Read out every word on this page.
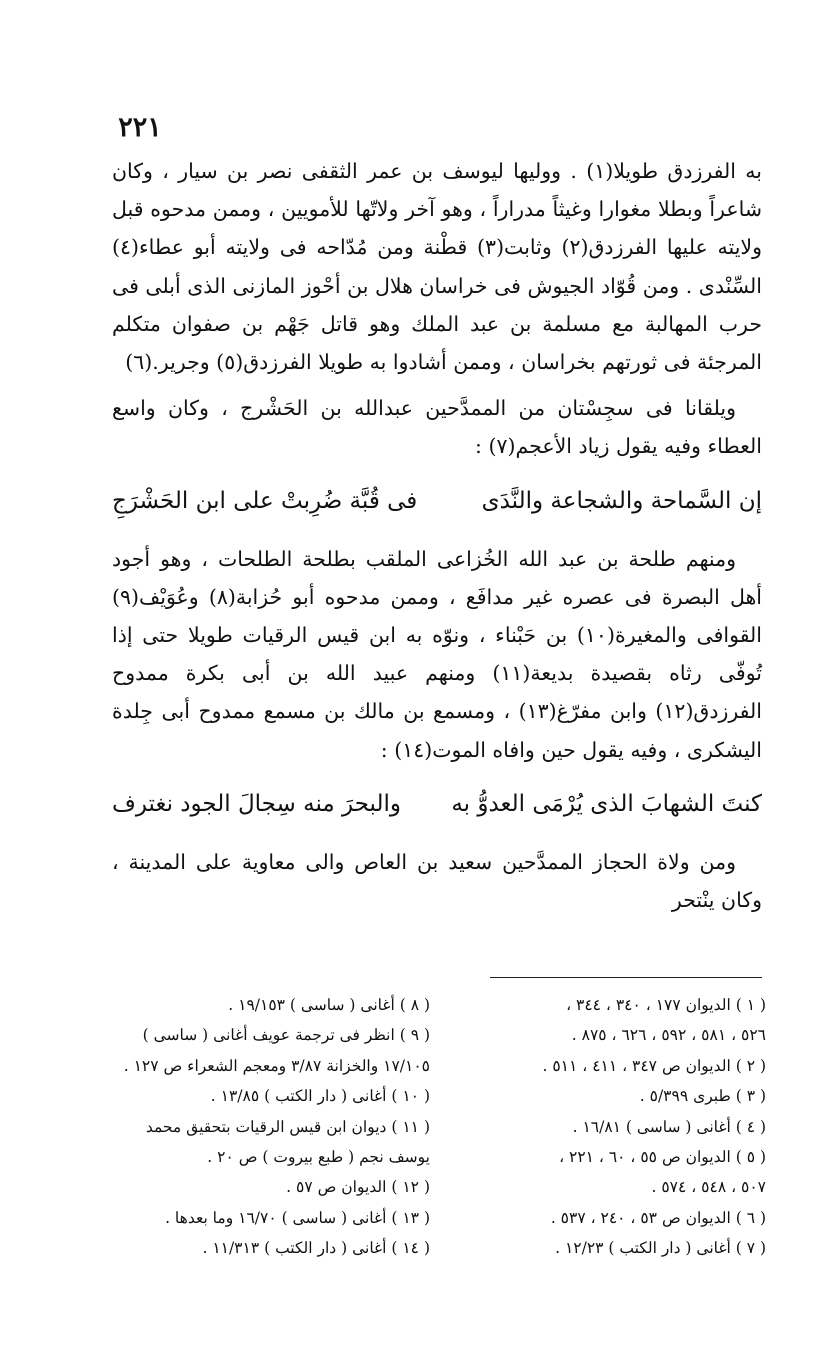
٢٢١

به الفرزدق طويلا(١) . ووليها ليوسف بن عمر الثقفى نصر بن سيار ، وكان شاعراً وبطلا مغوارا وغيثاً مدراراً ، وهو آخر ولاتّها للأمويين ، وممن مدحوه قبل ولايته عليها الفرزدق(٢) وثابت(٣) قطْنة ومن مُدّاحه فى ولايته أبو عطاء(٤) السِّنْدى . ومن قُوّاد الجيوش فى خراسان هلال بن أحْوز المازنى الذى أبلى فى حرب المهالبة مع مسلمة بن عبد الملك وهو قاتل جَهْم بن صفوان متكلم المرجئة فى ثورتهم بخراسان ، وممن أشادوا به طويلا الفرزدق(٥) وجرير.(٦)

ويلقانا فى سجِسْتان من الممدَّحين عبدالله بن الحَشْرج ، وكان واسع العطاء وفيه يقول زياد الأعجم(٧) :

إن السَّماحة والشجاعة والنَّدَى
فى قُبَّة ضُرِبتْ على ابن الحَشْرَجِ

ومنهم طلحة بن عبد الله الخُزاعى الملقب بطلحة الطلحات ، وهو أجود أهل البصرة فى عصره غير مدافَع ، وممن مدحوه أبو حُزابة(٨) وعُوَيْف(٩) القوافى والمغيرة(١٠) بن حَبْناء ، ونوّه به ابن قيس الرقيات طويلا حتى إذا تُوفّى رثاه بقصيدة بديعة(١١) ومنهم عبيد الله بن أبى بكرة ممدوح الفرزدق(١٢) وابن مفرّغ(١٣) ، ومسمع بن مالك بن مسمع ممدوح أبى جِلدة اليشكرى ، وفيه يقول حين وافاه الموت(١٤) :

كنتَ الشهابَ الذى يُرْمَى العدوُّ به
والبحرَ منه سِجالَ الجود نغترف

ومن ولاة الحجاز الممدَّحين سعيد بن العاص والى معاوية على المدينة ، وكان ينْتحر

( ١ ) الديوان ١٧٧ ، ٣٤٠ ، ٣٤٤ ،

٥٢٦ ، ٥٨١ ، ٥٩٢ ، ٦٢٦ ، ٨٧٥ .

( ٢ ) الديوان ص ٣٤٧ ، ٤١١ ، ٥١١ .

( ٣ ) طبرى ٥/٣٩٩ .

( ٤ ) أغانى ( ساسى ) ١٦/٨١ .

( ٥ ) الديوان ص ٥٥ ، ٦٠ ، ٢٢١ ،

٥٠٧ ، ٥٤٨ ، ٥٧٤ .

( ٦ ) الديوان ص ٥٣ ، ٢٤٠ ، ٥٣٧ .

( ٧ ) أغانى ( دار الكتب ) ١٢/٢٣ .

( ٨ ) أغانى ( ساسى ) ١٩/١٥٣ .

( ٩ ) انظر فى ترجمة عويف أغانى ( ساسى )

١٧/١٠٥ والخزانة ٣/٨٧ ومعجم الشعراء ص ١٢٧ .

( ١٠ ) أغانى ( دار الكتب ) ١٣/٨٥ .

( ١١ ) ديوان ابن قيس الرقيات بتحقيق محمد

يوسف نجم ( طبع بيروت ) ص ٢٠ .

( ١٢ ) الديوان ص ٥٧ .

( ١٣ ) أغانى ( ساسى ) ١٦/٧٠ وما بعدها .

( ١٤ ) أغانى ( دار الكتب ) ١١/٣١٣ .
